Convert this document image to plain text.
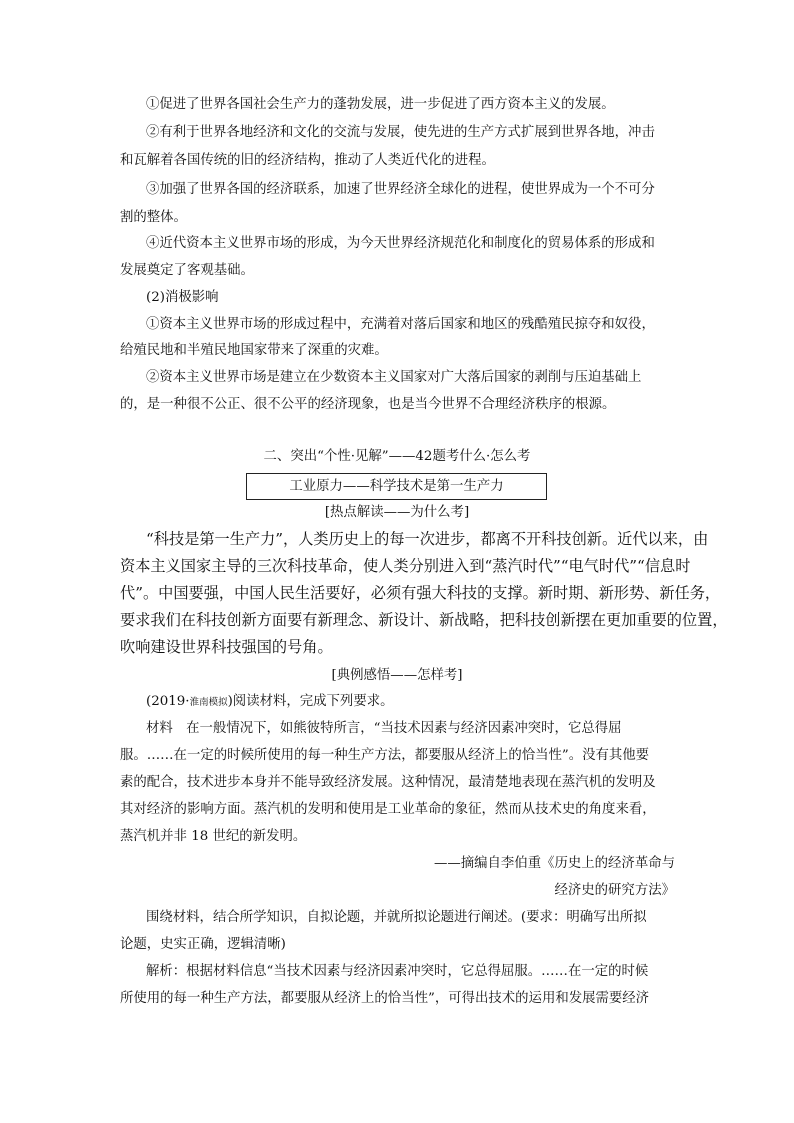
①促进了世界各国社会生产力的蓬勃发展，进一步促进了西方资本主义的发展。
②有利于世界各地经济和文化的交流与发展，使先进的生产方式扩展到世界各地，冲击
和瓦解着各国传统的旧的经济结构，推动了人类近代化的进程。
③加强了世界各国的经济联系，加速了世界经济全球化的进程，使世界成为一个不可分
割的整体。
④近代资本主义世界市场的形成，为今天世界经济规范化和制度化的贸易体系的形成和
发展奠定了客观基础。
(2)消极影响
①资本主义世界市场的形成过程中，充满着对落后国家和地区的残酷殖民掠夺和奴役，
给殖民地和半殖民地国家带来了深重的灾难。
②资本主义世界市场是建立在少数资本主义国家对广大落后国家的剥削与压迫基础上
的，是一种很不公正、很不公平的经济现象，也是当今世界不合理经济秩序的根源。
二、突出“个性·见解”——42题考什么·怎么考
工业原力——科学技术是第一生产力
[热点解读——为什么考]
“科技是第一生产力”，人类历史上的每一次进步，都离不开科技创新。近代以来，由
资本主义国家主导的三次科技革命，使人类分别进入到“蒸汽时代”“电气时代”“信息时
代”。中国要强，中国人民生活要好，必须有强大科技的支撑。新时期、新形势、新任务，
要求我们在科技创新方面要有新理念、新设计、新战略，把科技创新摆在更加重要的位置，
吹响建设世界科技强国的号角。
[典例感悟——怎样考]
(2019·淮南模拟)阅读材料，完成下列要求。
材料　在一般情况下，如熊彼特所言，“当技术因素与经济因素冲突时，它总得屈
服。……在一定的时候所使用的每一种生产方法，都要服从经济上的恰当性”。没有其他要
素的配合，技术进步本身并不能导致经济发展。这种情况，最清楚地表现在蒸汽机的发明及
其对经济的影响方面。蒸汽机的发明和使用是工业革命的象征，然而从技术史的角度来看，
蒸汽机并非 18 世纪的新发明。
——摘编自李伯重《历史上的经济革命与
经济史的研究方法》
围绕材料，结合所学知识，自拟论题，并就所拟论题进行阐述。(要求：明确写出所拟
论题，史实正确，逻辑清晰)
解析：根据材料信息“当技术因素与经济因素冲突时，它总得屈服。……在一定的时候
所使用的每一种生产方法，都要服从经济上的恰当性”，可得出技术的运用和发展需要经济
